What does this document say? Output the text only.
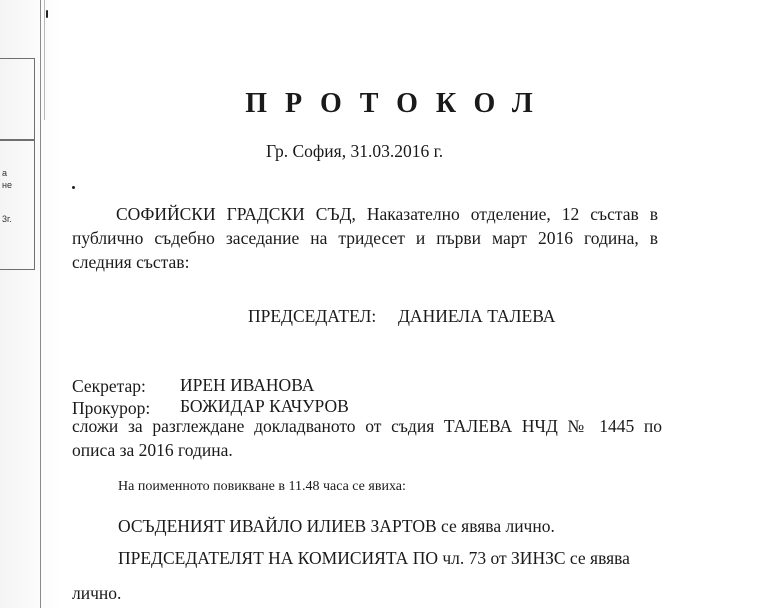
а
не
3г.
ПРОТОКОЛ
Гр. София, 31.03.2016 г.
СОФИЙСКИ ГРАДСКИ СЪД, Наказателно отделение, 12 състав в
публично съдебно заседание на тридесет и първи март 2016 година, в
следния състав:
ПРЕДСЕДАТЕЛ: ДАНИЕЛА ТАЛЕВА
Секретар: ИРЕН ИВАНОВА
Прокурор: БОЖИДАР КАЧУРОВ
сложи за разглеждане докладваното от съдия ТАЛЕВА НЧД № 1445 по
описа за 2016 година.
На поименното повикване в 11.48 часа се явиха:
ОСЪДЕНИЯТ ИВАЙЛО ИЛИЕВ ЗАРТОВ се явява лично.
ПРЕДСЕДАТЕЛЯТ НА КОМИСИЯТА ПО чл. 73 от ЗИНЗС се явява
лично.
